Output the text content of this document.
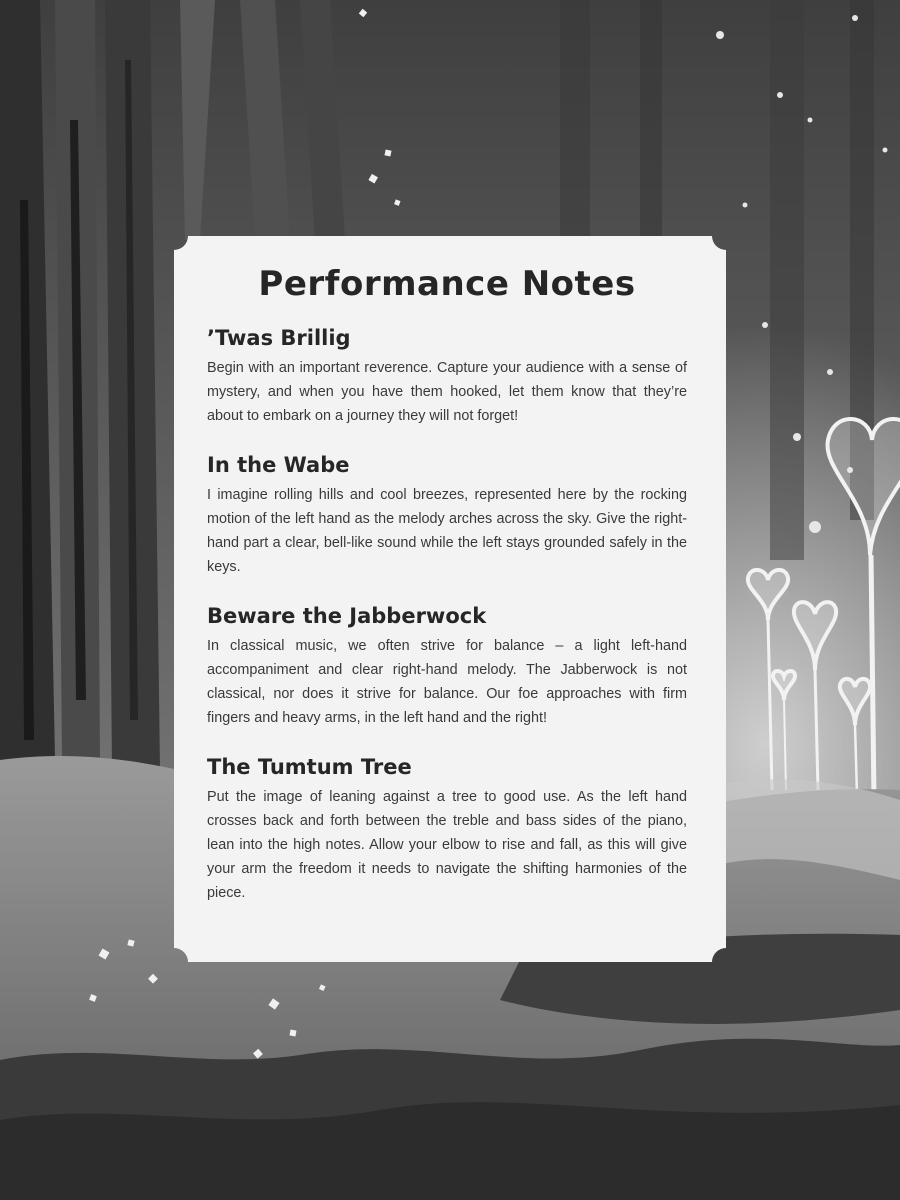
Performance Notes
’Twas Brillig

Begin with an important reverence. Capture your audience with a sense of mystery, and when you have them hooked, let them know that they’re about to embark on a journey they will not forget!

In the Wabe

I imagine rolling hills and cool breezes, represented here by the rocking motion of the left hand as the melody arches across the sky. Give the right-hand part a clear, bell-like sound while the left stays grounded safely in the keys.

Beware the Jabberwock

In classical music, we often strive for balance – a light left-hand accompaniment and clear right-hand melody. The Jabberwock is not classical, nor does it strive for balance. Our foe approaches with firm fingers and heavy arms, in the left hand and the right!

The Tumtum Tree

Put the image of leaning against a tree to good use. As the left hand crosses back and forth between the treble and bass sides of the piano, lean into the high notes. Allow your elbow to rise and fall, as this will give your arm the freedom it needs to navigate the shifting harmonies of the piece.
